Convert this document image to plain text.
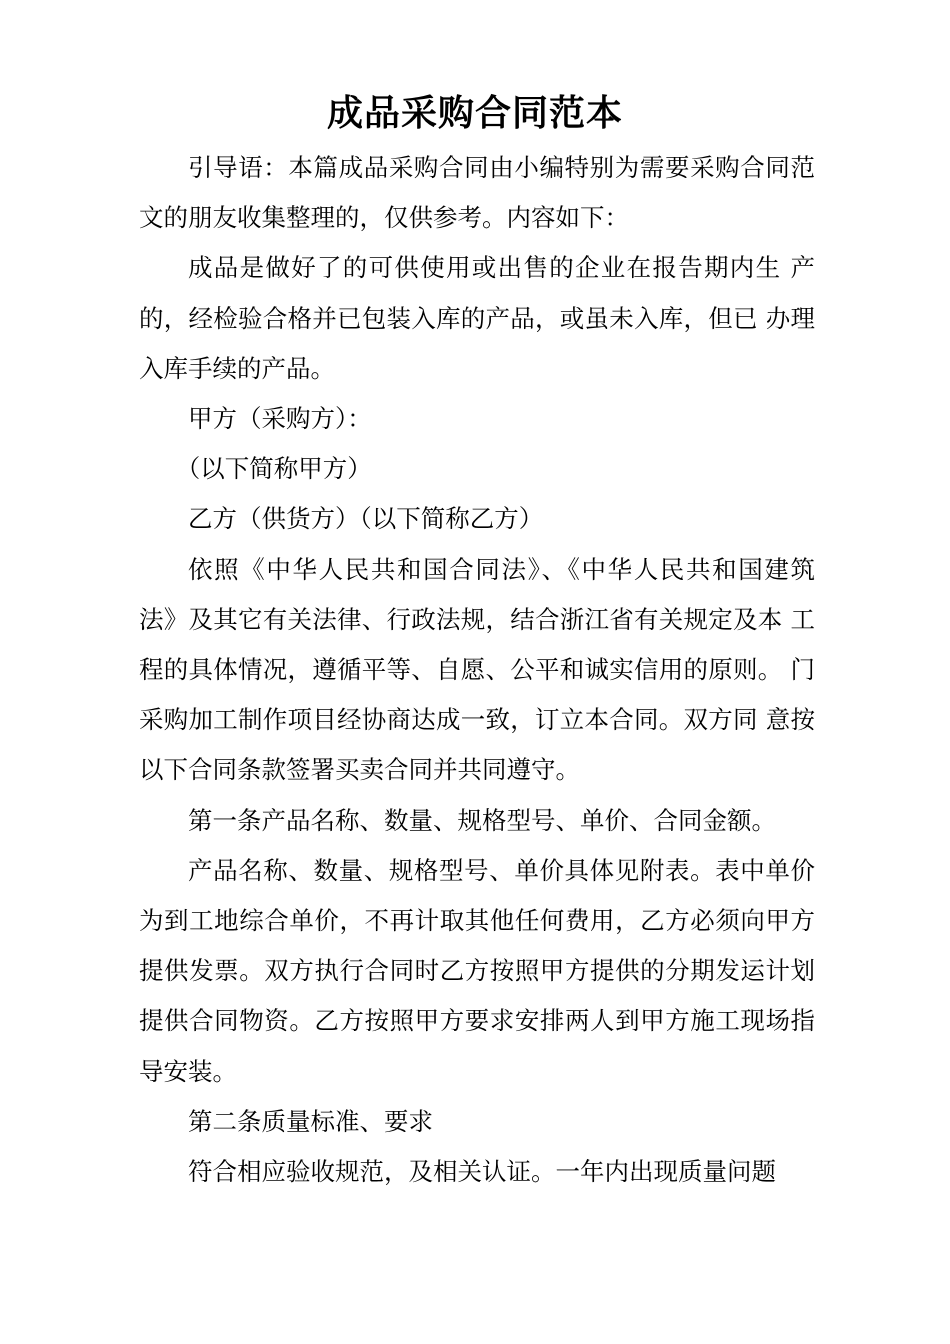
成品采购合同范本

引导语：本篇成品采购合同由小编特别为需要采购合同范文的朋友收集整理的，仅供参考。内容如下：

成品是做好了的可供使用或出售的企业在报告期内生 产的，经检验合格并已包装入库的产品，或虽未入库，但已 办理入库手续的产品。

甲方（采购方）：

（以下简称甲方）

乙方（供货方）（以下简称乙方）

依照《中华人民共和国合同法》、《中华人民共和国建筑 法》及其它有关法律、行政法规，结合浙江省有关规定及本 工程的具体情况，遵循平等、自愿、公平和诚实信用的原则。 门采购加工制作项目经协商达成一致，订立本合同。双方同 意按以下合同条款签署买卖合同并共同遵守。

第一条产品名称、数量、规格型号、单价、合同金额。

产品名称、数量、规格型号、单价具体见附表。表中单价为到工地综合单价，不再计取其他任何费用，乙方必须向甲方提供发票。双方执行合同时乙方按照甲方提供的分期发运计划提供合同物资。乙方按照甲方要求安排两人到甲方施工现场指导安装。

第二条质量标准、要求

符合相应验收规范，及相关认证。一年内出现质量问题
